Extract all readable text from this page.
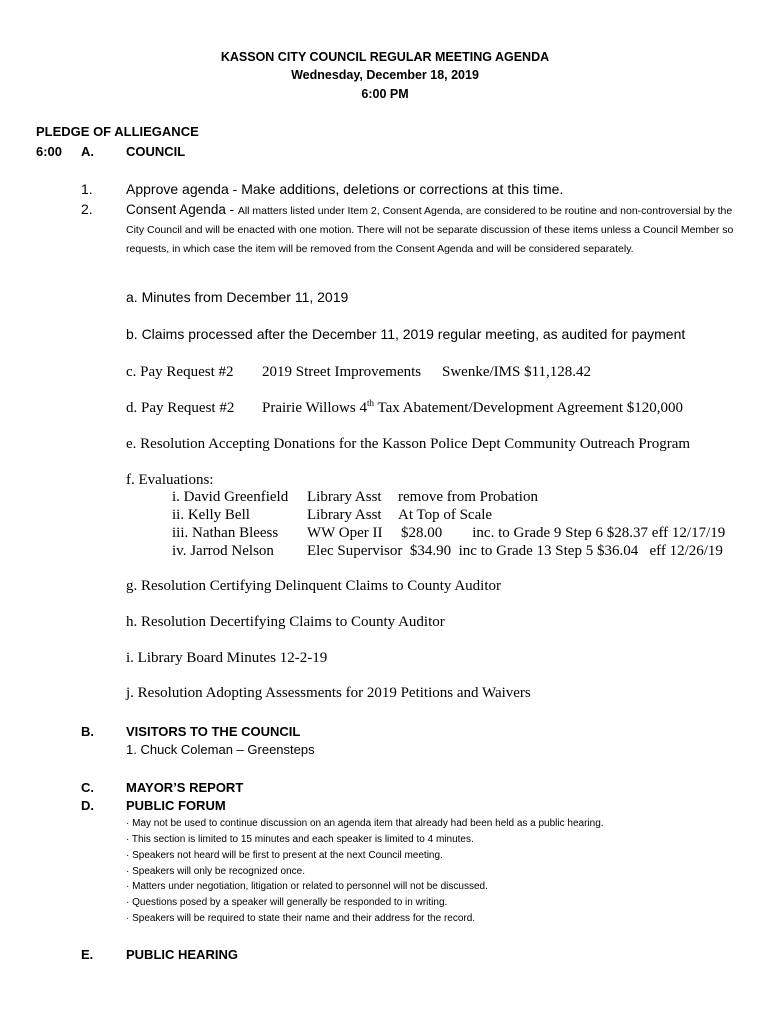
KASSON CITY COUNCIL REGULAR MEETING AGENDA
Wednesday, December 18, 2019
6:00 PM
PLEDGE OF ALLIEGANCE
6:00 A. COUNCIL
1. Approve agenda - Make additions, deletions or corrections at this time.
2. Consent Agenda - All matters listed under Item 2, Consent Agenda, are considered to be routine and non-controversial by the City Council and will be enacted with one motion. There will not be separate discussion of these items unless a Council Member so requests, in which case the item will be removed from the Consent Agenda and will be considered separately.
a. Minutes from December 11, 2019
b. Claims processed after the December 11, 2019 regular meeting, as audited for payment
c. Pay Request #2 2019 Street Improvements Swenke/IMS $11,128.42
d. Pay Request #2 Prairie Willows 4th Tax Abatement/Development Agreement $120,000
e. Resolution Accepting Donations for the Kasson Police Dept Community Outreach Program
f. Evaluations:
i. David Greenfield Library Asst remove from Probation
ii. Kelly Bell	Library Asst At Top of Scale
iii. Nathan Bleess WW Oper II $28.00        inc. to Grade 9 Step 6 $28.37 eff 12/17/19
iv. Jarrod Nelson Elec Supervisor $34.90  inc to Grade 13 Step 5 $36.04   eff 12/26/19
g. Resolution Certifying Delinquent Claims to County Auditor
h. Resolution Decertifying Claims to County Auditor
i. Library Board Minutes 12-2-19
j. Resolution Adopting Assessments for 2019 Petitions and Waivers
B. VISITORS TO THE COUNCIL
1. Chuck Coleman – Greensteps
C. MAYOR’S REPORT
D. PUBLIC FORUM
· May not be used to continue discussion on an agenda item that already had been held as a public hearing.
· This section is limited to 15 minutes and each speaker is limited to 4 minutes.
· Speakers not heard will be first to present at the next Council meeting.
· Speakers will only be recognized once.
· Matters under negotiation, litigation or related to personnel will not be discussed.
· Questions posed by a speaker will generally be responded to in writing.
· Speakers will be required to state their name and their address for the record.
E.	PUBLIC HEARING
